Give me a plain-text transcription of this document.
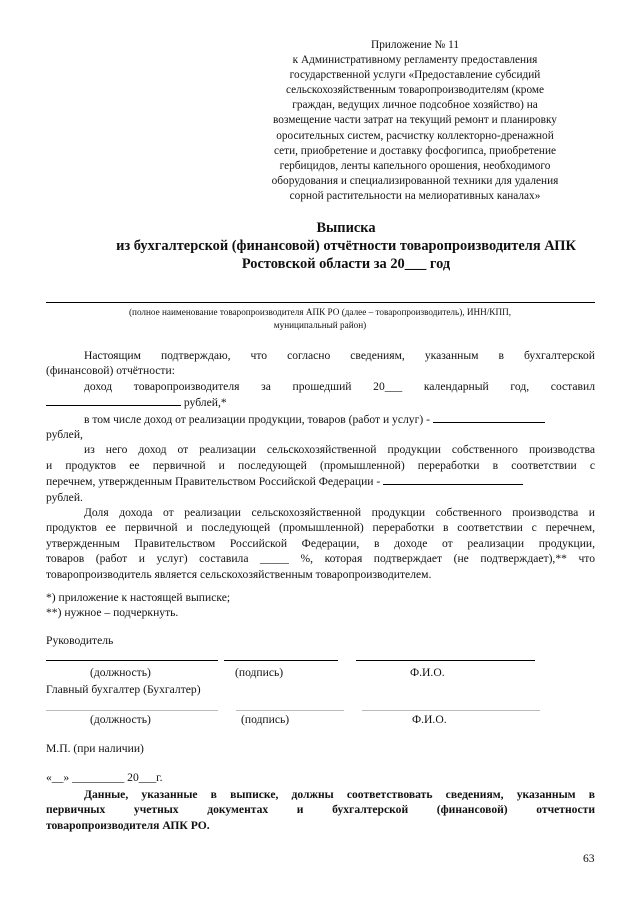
Приложение № 11
к Административному регламенту предоставления
государственной услуги «Предоставление субсидий
сельскохозяйственным товаропроизводителям (кроме
граждан, ведущих личное подсобное хозяйство) на
возмещение части затрат на текущий ремонт и планировку
оросительных систем, расчистку коллекторно-дренажной
сети, приобретение и доставку фосфогипса, приобретение
гербицидов, ленты капельного орошения, необходимого
оборудования и специализированной техники для удаления
сорной растительности на мелиоративных каналах»
Выписка
из бухгалтерской (финансовой) отчётности товаропроизводителя АПК
Ростовской области за 20___ год
(полное наименование товаропроизводителя АПК РО (далее – товаропроизводитель), ИНН/КПП,
муниципальный район)

Настоящим подтверждаю, что согласно сведениям, указанным в бухгалтерской

(финансовой) отчётности:

доход товаропроизводителя за прошедший 20___ календарный год, составил

рублей,*

в том числе доход от реализации продукции, товаров (работ и услуг) -

рублей,

из него доход от реализации сельскохозяйственной продукции собственного производства

и продуктов ее первичной и последующей (промышленной) переработки в соответствии с

перечнем, утвержденным Правительством Российской Федерации -

рублей.

Доля дохода от реализации сельскохозяйственной продукции собственного производства и

продуктов ее первичной и последующей (промышленной) переработки в соответствии с перечнем,

утвержденным Правительством Российской Федерации, в доходе от реализации продукции,

товаров (работ и услуг) составила _____ %, которая подтверждает (не подтверждает),** что

товаропроизводитель является сельскохозяйственным товаропроизводителем.

*) приложение к настоящей выписке;

**) нужное – подчеркнуть.

Руководитель
(должность)	(подпись)	Ф.И.О.
Главный бухгалтер (Бухгалтер)
(должность)	(подпись)	Ф.И.О.
М.П. (при наличии)
«__» _________ 20___г.

Данные, указанные в выписке, должны соответствовать сведениям, указанным в

первичных учетных документах и бухгалтерской (финансовой) отчетности

товаропроизводителя АПК РО.

63
